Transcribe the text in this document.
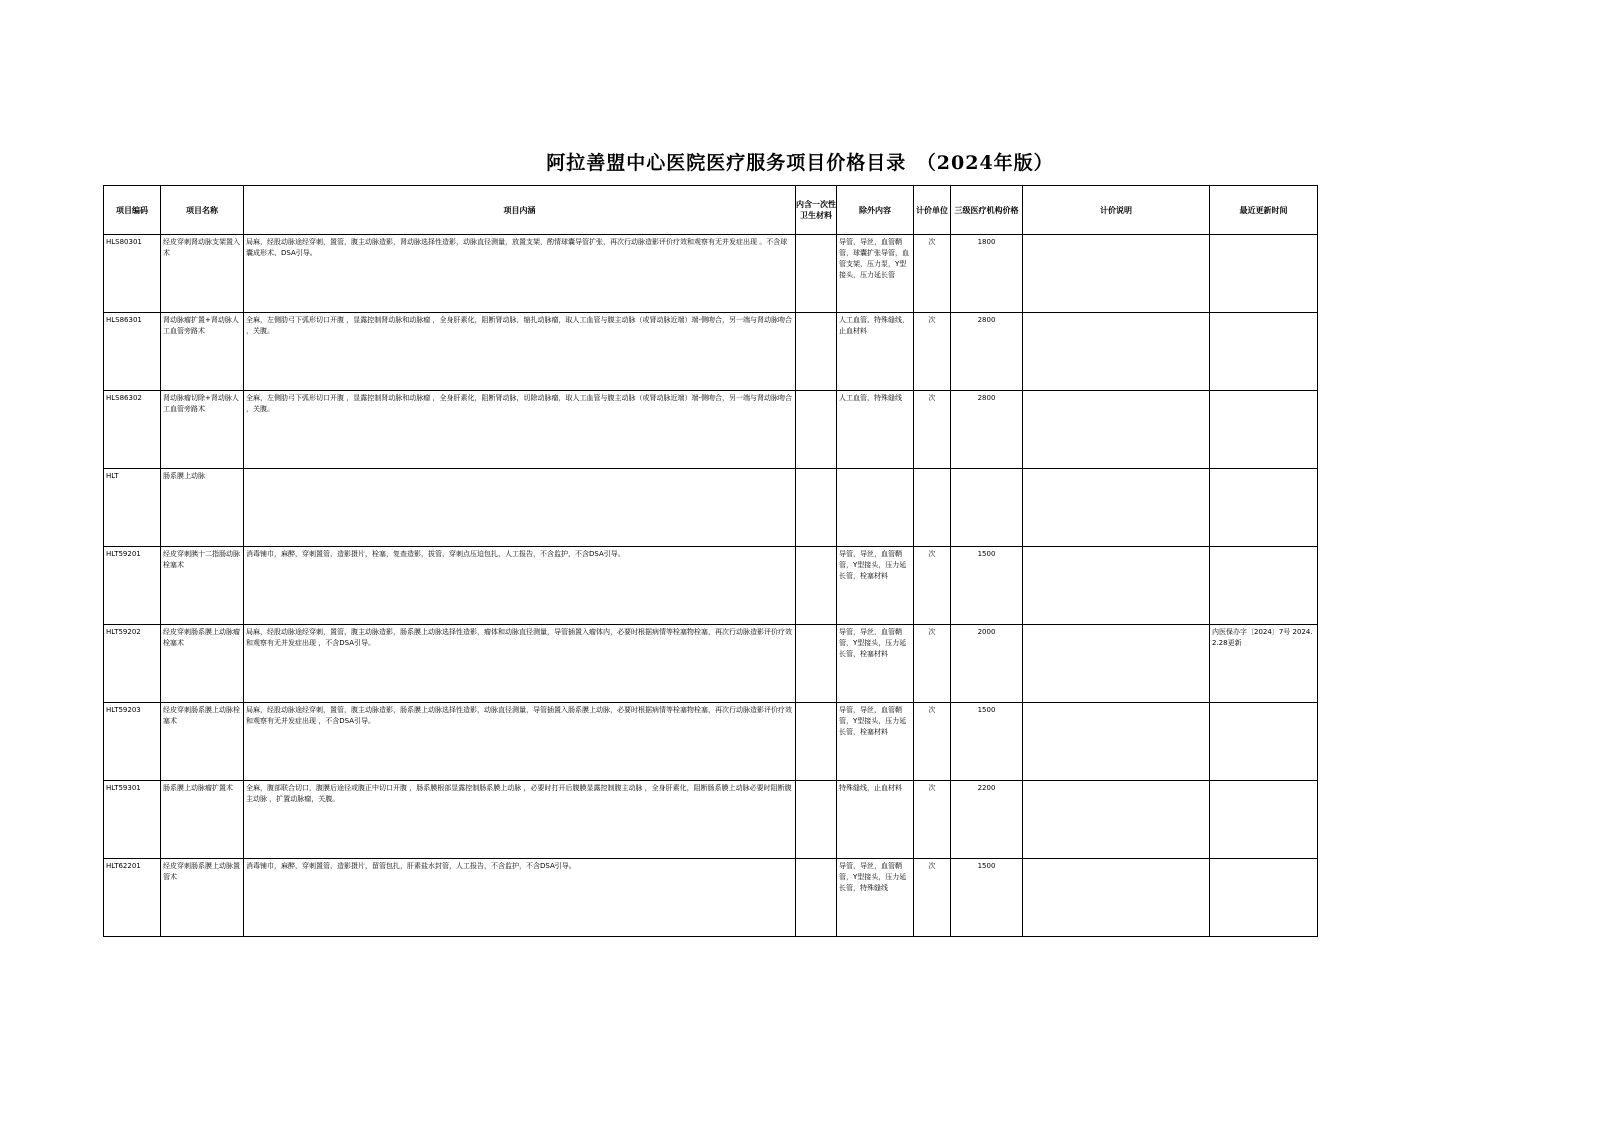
阿拉善盟中心医院医疗服务项目价格目录　（2024年版）
项目编码	项目名称	项目内涵	内含一次性卫生材料	除外内容	计价单位	三级医疗机构价格	计价说明	最近更新时间

HLS80301	经皮穿刺肾动脉支架置入术	局麻，经股动脉途经穿刺，置管，腹主动脉造影，肾动脉选择性造影，动脉直径测量，放置支架，酌情球囊导管扩张，再次行动脉造影评价疗效和观察有无并发症出现 。不含球囊成形术、DSA引导。		导管，导丝，血管鞘管，球囊扩张导管，血管支架，压力泵，Y型接头，压力延长管	次	1800		

HLS86301	肾动脉瘤扩置+肾动脉人工血管旁路术	全麻，左侧肋弓下弧形切口开腹 ，显露控制肾动脉和动脉瘤 ，全身肝素化，阻断肾动脉，缩扎动脉瘤，取人工血管与腹主动脉（或肾动脉近端）端-侧吻合，另一端与肾动脉吻合 ，关腹。		人工血管，特殊缝线，止血材料	次	2800		

HLS86302	肾动脉瘤切除+肾动脉人工血管旁路术	全麻，左侧肋弓下弧形切口开腹 ，显露控制肾动脉和动脉瘤 ，全身肝素化，阻断肾动脉，切除动脉瘤，取人工血管与腹主动脉（或肾动脉近端）端-侧吻合，另一端与肾动脉吻合 ，关腹。		人工血管，特殊缝线	次	2800		

HLT	肠系膜上动脉							

HLT59201	经皮穿刺胰十二指肠动脉栓塞术	消毒铺巾，麻醉，穿刺置管，造影摄片，栓塞，复查造影，拔管，穿刺点压迫包扎，人工报告，不含监护，不含DSA引导。		导管，导丝，血管鞘管，Y型接头，压力延长管，栓塞材料	次	1500		

HLT59202	经皮穿刺肠系膜上动脉瘤栓塞术	局麻，经股动脉途经穿刺，置管，腹主动脉造影，肠系膜上动脉选择性造影，瘤体和动脉直径测量，导管插置入瘤体内，必要时根据病情等栓塞物栓塞，再次行动脉造影评价疗效和观察有无并发症出现 ，不含DSA引导。		导管，导丝，血管鞘管，Y型接头，压力延长管，栓塞材料	次	2000		内医保办字〔2024〕7号 2024.2.28更新

HLT59203	经皮穿刺肠系膜上动脉栓塞术	局麻，经股动脉途经穿刺，置管，腹主动脉造影，肠系膜上动脉选择性造影，动脉直径测量，导管插置入肠系膜上动脉，必要时根据病情等栓塞物栓塞，再次行动脉造影评价疗效和观察有无并发症出现 ，不含DSA引导。		导管，导丝，血管鞘管，Y型接头，压力延长管，栓塞材料	次	1500		

HLT59301	肠系膜上动脉瘤扩置术	全麻，腹部联合切口，腹膜后途径或腹正中切口开腹 ，肠系膜根部显露控制肠系膜上动脉 ，必要时打开后腹膜显露控制腹主动脉 ，全身肝素化，阻断肠系膜上动脉必要时阻断腹主动脉 ，扩置动脉瘤，关腹。		特殊缝线，止血材料	次	2200		

HLT62201	经皮穿刺肠系膜上动脉置管术	消毒铺巾，麻醉，穿刺置管，造影摄片，留管包扎，肝素盐水封管，人工报告，不含监护，不含DSA引导。		导管，导丝，血管鞘管，Y型接头，压力延长管，特殊缝线	次	1500		
